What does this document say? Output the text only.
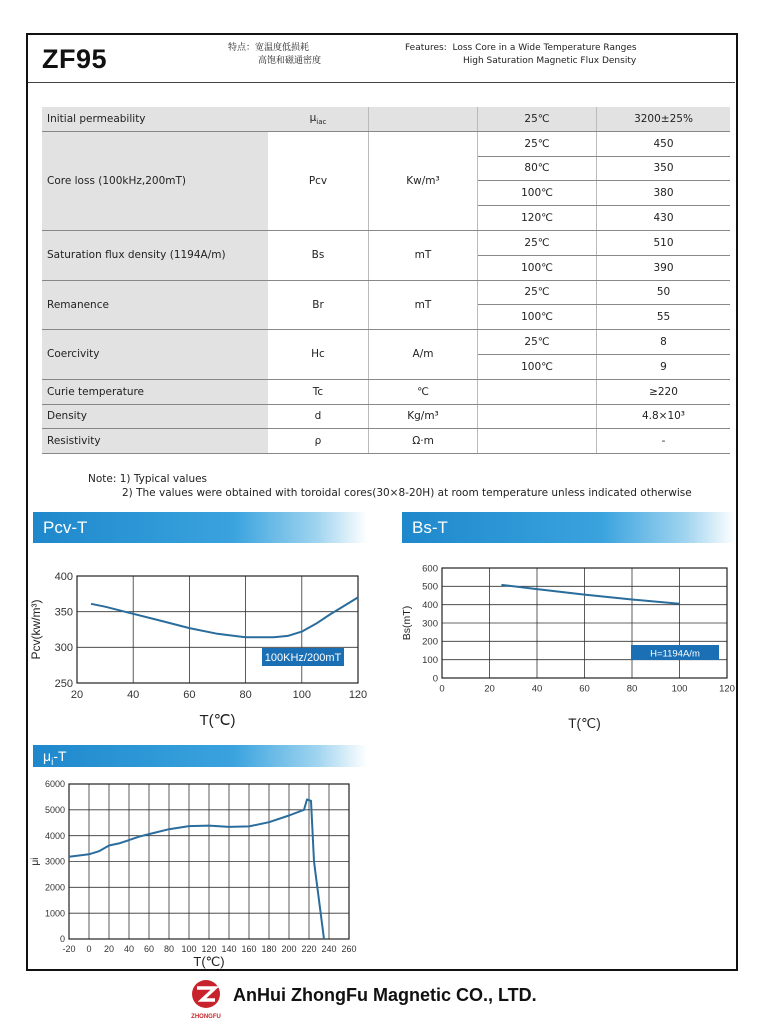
ZF95	特点：宽温度低损耗
高饱和磁通密度
Features: Loss Core in a Wide Temperature Ranges
High Saturation Magnetic Flux Density
Initial permeability	$\mu_{iac}$		25℃	3200±25%
Core loss (100kHz,200mT)	Pcv	Kw/m³	25℃	450
			80℃	350
			100℃	380
			120℃	430
Saturation flux density (1194A/m)	Bs	mT	25℃	510
			100℃	390
Remanence	Br	mT	25℃	50
			100℃	55
Coercivity	Hc	A/m	25℃	8
			100℃	9
Curie temperature	Tc	℃		≥220
Density	d	Kg/m³		4.8×10³
Resistivity	ρ	Ω·m		-
Note: 1) Typical values
2) The values were obtained with toroidal cores(30×8-20H) at room temperature unless indicated otherwise
Pcv-T	Bs-T
$\mu_i-T$
20	40	60	80	100	120
250
300
350
400
100KHz/200mT
T(℃)
Pcv(kw/m³)
0	20	40	60	80	100	120
0
100
200
300
400
500
600
H=1194A/m
T(℃)
Bs(mT)
-20 0 20 40 60 80 100 120 140 160 180 200 220 240 260
0
1000
2000
3000
4000
5000
6000
T(℃)
μi
ZHONGFU
AnHui ZhongFu Magnetic CO., LTD.
